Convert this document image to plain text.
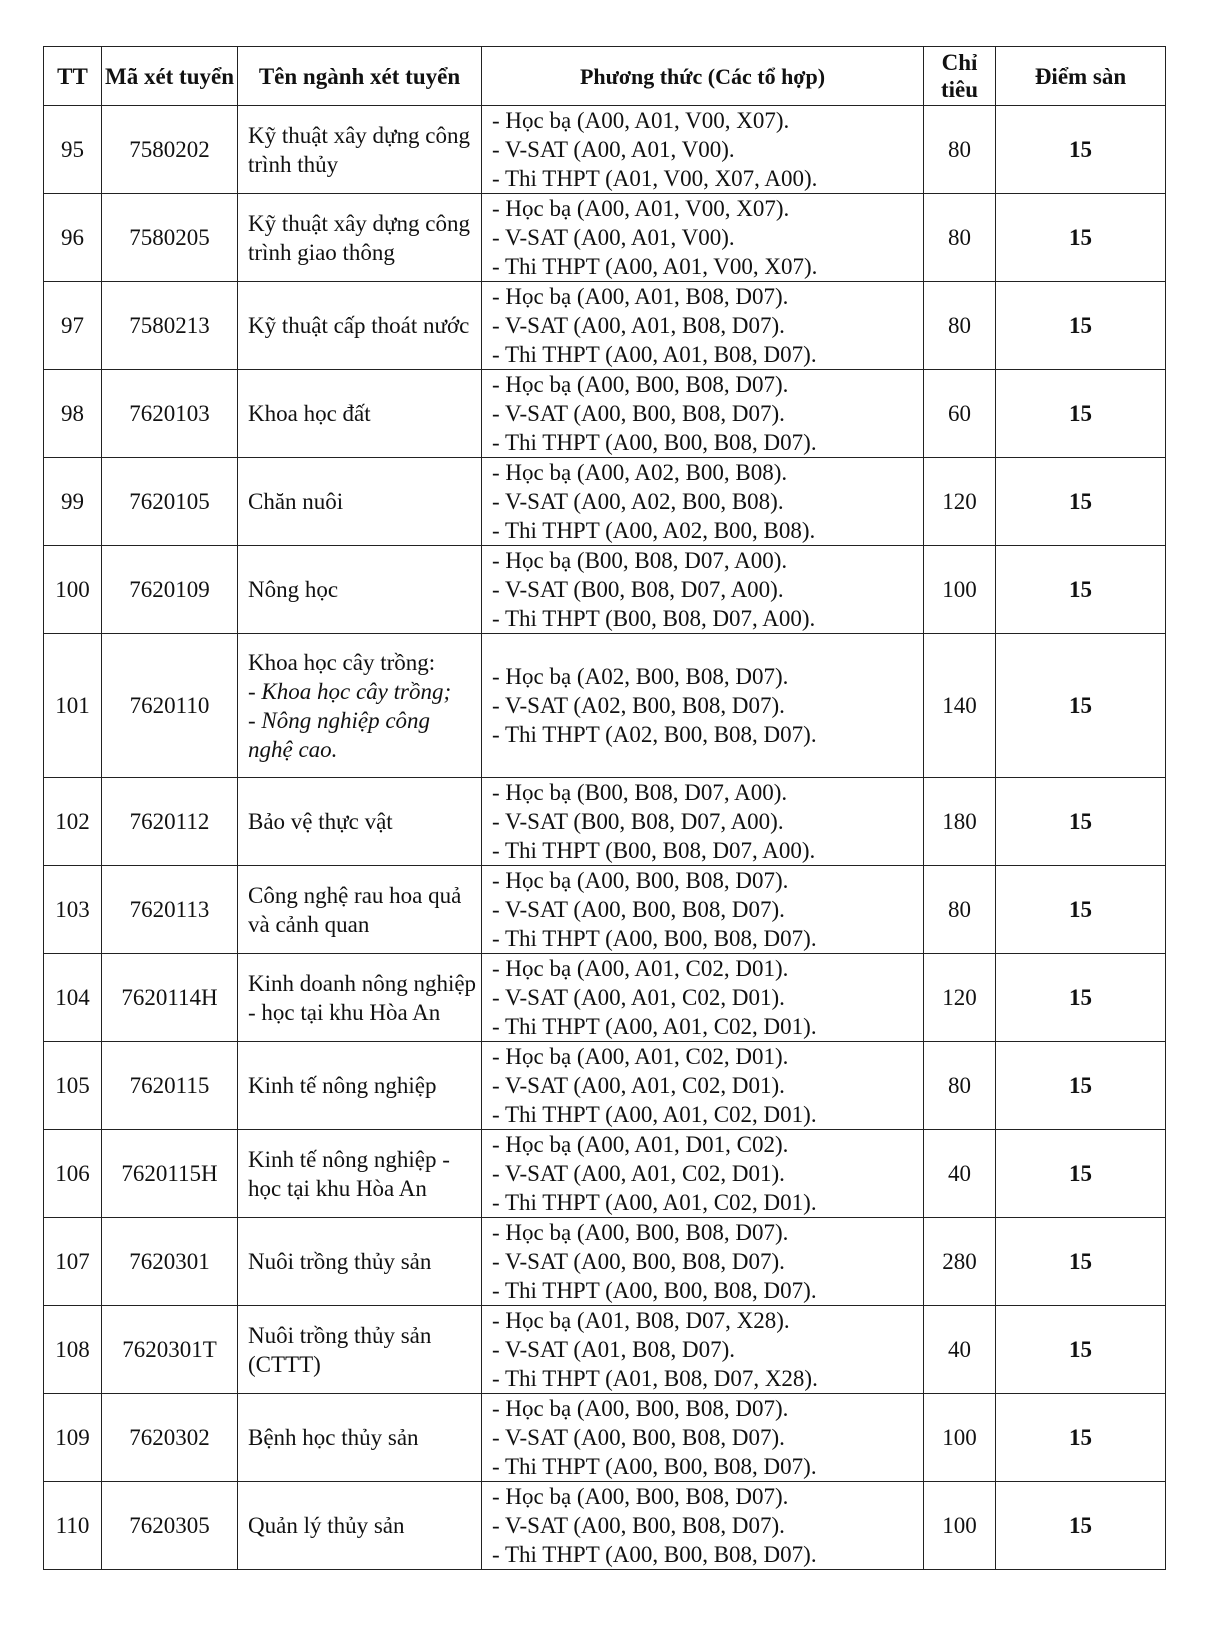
TT	Mã xét tuyển	Tên ngành xét tuyển	Phương thức (Các tổ hợp)	Chỉ tiêu	Điểm sàn
95	7580202	Kỹ thuật xây dựng công trình thủy	- Học bạ (A00, A01, V00, X07).
- V-SAT (A00, A01, V00).
- Thi THPT (A01, V00, X07, A00).	80	15
96	7580205	Kỹ thuật xây dựng công trình giao thông	- Học bạ (A00, A01, V00, X07).
- V-SAT (A00, A01, V00).
- Thi THPT (A00, A01, V00, X07).	80	15
97	7580213	Kỹ thuật cấp thoát nước	- Học bạ (A00, A01, B08, D07).
- V-SAT (A00, A01, B08, D07).
- Thi THPT (A00, A01, B08, D07).	80	15
98	7620103	Khoa học đất	- Học bạ (A00, B00, B08, D07).
- V-SAT (A00, B00, B08, D07).
- Thi THPT (A00, B00, B08, D07).	60	15
99	7620105	Chăn nuôi	- Học bạ (A00, A02, B00, B08).
- V-SAT (A00, A02, B00, B08).
- Thi THPT (A00, A02, B00, B08).	120	15
100	7620109	Nông học	- Học bạ (B00, B08, D07, A00).
- V-SAT (B00, B08, D07, A00).
- Thi THPT (B00, B08, D07, A00).	100	15
101	7620110	Khoa học cây trồng:
- Khoa học cây trồng;
- Nông nghiệp công nghệ cao.	- Học bạ (A02, B00, B08, D07).
- V-SAT (A02, B00, B08, D07).
- Thi THPT (A02, B00, B08, D07).	140	15
102	7620112	Bảo vệ thực vật	- Học bạ (B00, B08, D07, A00).
- V-SAT (B00, B08, D07, A00).
- Thi THPT (B00, B08, D07, A00).	180	15
103	7620113	Công nghệ rau hoa quả và cảnh quan	- Học bạ (A00, B00, B08, D07).
- V-SAT (A00, B00, B08, D07).
- Thi THPT (A00, B00, B08, D07).	80	15
104	7620114H	Kinh doanh nông nghiệp - học tại khu Hòa An	- Học bạ (A00, A01, C02, D01).
- V-SAT (A00, A01, C02, D01).
- Thi THPT (A00, A01, C02, D01).	120	15
105	7620115	Kinh tế nông nghiệp	- Học bạ (A00, A01, C02, D01).
- V-SAT (A00, A01, C02, D01).
- Thi THPT (A00, A01, C02, D01).	80	15
106	7620115H	Kinh tế nông nghiệp - học tại khu Hòa An	- Học bạ (A00, A01, D01, C02).
- V-SAT (A00, A01, C02, D01).
- Thi THPT (A00, A01, C02, D01).	40	15
107	7620301	Nuôi trồng thủy sản	- Học bạ (A00, B00, B08, D07).
- V-SAT (A00, B00, B08, D07).
- Thi THPT (A00, B00, B08, D07).	280	15
108	7620301T	Nuôi trồng thủy sản (CTTT)	- Học bạ (A01, B08, D07, X28).
- V-SAT (A01, B08, D07).
- Thi THPT (A01, B08, D07, X28).	40	15
109	7620302	Bệnh học thủy sản	- Học bạ (A00, B00, B08, D07).
- V-SAT (A00, B00, B08, D07).
- Thi THPT (A00, B00, B08, D07).	100	15
110	7620305	Quản lý thủy sản	- Học bạ (A00, B00, B08, D07).
- V-SAT (A00, B00, B08, D07).
- Thi THPT (A00, B00, B08, D07).	100	15
